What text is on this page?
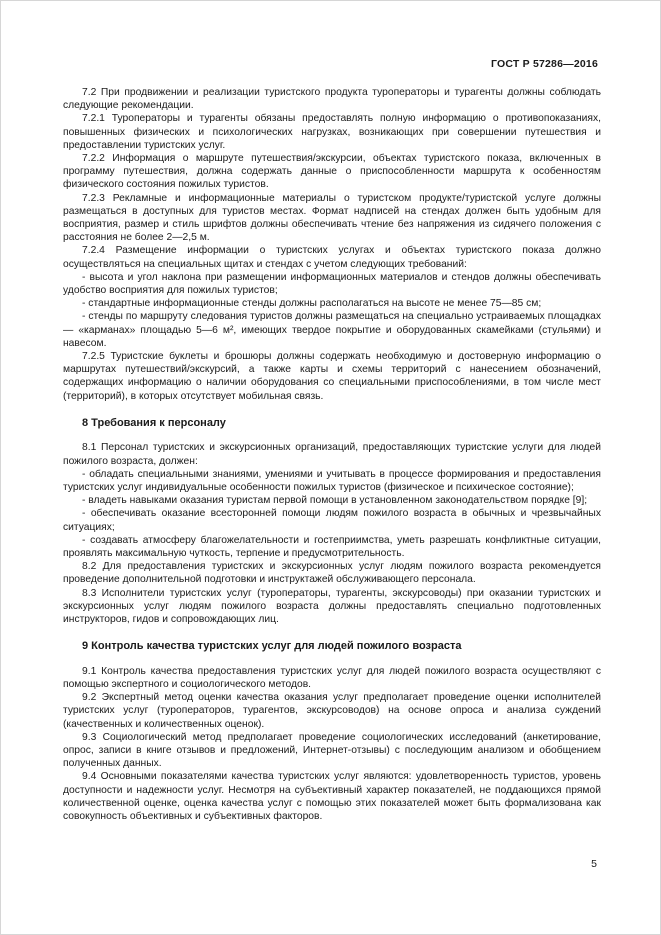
ГОСТ Р 57286—2016

7.2 При продвижении и реализации туристского продукта туроператоры и турагенты должны соблюдать следующие рекомендации.

7.2.1 Туроператоры и турагенты обязаны предоставлять полную информацию о противопоказаниях, повышенных физических и психологических нагрузках, возникающих при совершении путешествия и предоставлении туристских услуг.

7.2.2 Информация о маршруте путешествия/экскурсии, объектах туристского показа, включенных в программу путешествия, должна содержать данные о приспособленности маршрута к особенностям физического состояния пожилых туристов.

7.2.3 Рекламные и информационные материалы о туристском продукте/туристской услуге должны размещаться в доступных для туристов местах. Формат надписей на стендах должен быть удобным для восприятия, размер и стиль шрифтов должны обеспечивать чтение без напряжения из сидячего положения с расстояния не более 2—2,5 м.

7.2.4 Размещение информации о туристских услугах и объектах туристского показа должно осуществляться на специальных щитах и стендах с учетом следующих требований:

- высота и угол наклона при размещении информационных материалов и стендов должны обеспечивать удобство восприятия для пожилых туристов;

- стандартные информационные стенды должны располагаться на высоте не менее 75—85 см;

- стенды по маршруту следования туристов должны размещаться на специально устраиваемых площадках — «карманах» площадью 5—6 м², имеющих твердое покрытие и оборудованных скамейками (стульями) и навесом.

7.2.5 Туристские буклеты и брошюры должны содержать необходимую и достоверную информацию о маршрутах путешествий/экскурсий, а также карты и схемы территорий с нанесением обозначений, содержащих информацию о наличии оборудования со специальными приспособлениями, в том числе мест (территорий), в которых отсутствует мобильная связь.

8 Требования к персоналу

8.1 Персонал туристских и экскурсионных организаций, предоставляющих туристские услуги для людей пожилого возраста, должен:

- обладать специальными знаниями, умениями и учитывать в процессе формирования и предоставления туристских услуг индивидуальные особенности пожилых туристов (физическое и психическое состояние);

- владеть навыками оказания туристам первой помощи в установленном законодательством порядке [9];

- обеспечивать оказание всесторонней помощи людям пожилого возраста в обычных и чрезвычайных ситуациях;

- создавать атмосферу благожелательности и гостеприимства, уметь разрешать конфликтные ситуации, проявлять максимальную чуткость, терпение и предусмотрительность.

8.2 Для предоставления туристских и экскурсионных услуг людям пожилого возраста рекомендуется проведение дополнительной подготовки и инструктажей обслуживающего персонала.

8.3 Исполнители туристских услуг (туроператоры, турагенты, экскурсоводы) при оказании туристских и экскурсионных услуг людям пожилого возраста должны предоставлять специально подготовленных инструкторов, гидов и сопровождающих лиц.

9 Контроль качества туристских услуг для людей пожилого возраста

9.1 Контроль качества предоставления туристских услуг для людей пожилого возраста осуществляют с помощью экспертного и социологического методов.

9.2 Экспертный метод оценки качества оказания услуг предполагает проведение оценки исполнителей туристских услуг (туроператоров, турагентов, экскурсоводов) на основе опроса и анализа суждений (качественных и количественных оценок).

9.3 Социологический метод предполагает проведение социологических исследований (анкетирование, опрос, записи в книге отзывов и предложений, Интернет-отзывы) с последующим анализом и обобщением полученных данных.

9.4 Основными показателями качества туристских услуг являются: удовлетворенность туристов, уровень доступности и надежности услуг. Несмотря на субъективный характер показателей, не поддающихся прямой количественной оценке, оценка качества услуг с помощью этих показателей может быть формализована как совокупность объективных и субъективных факторов.

5
